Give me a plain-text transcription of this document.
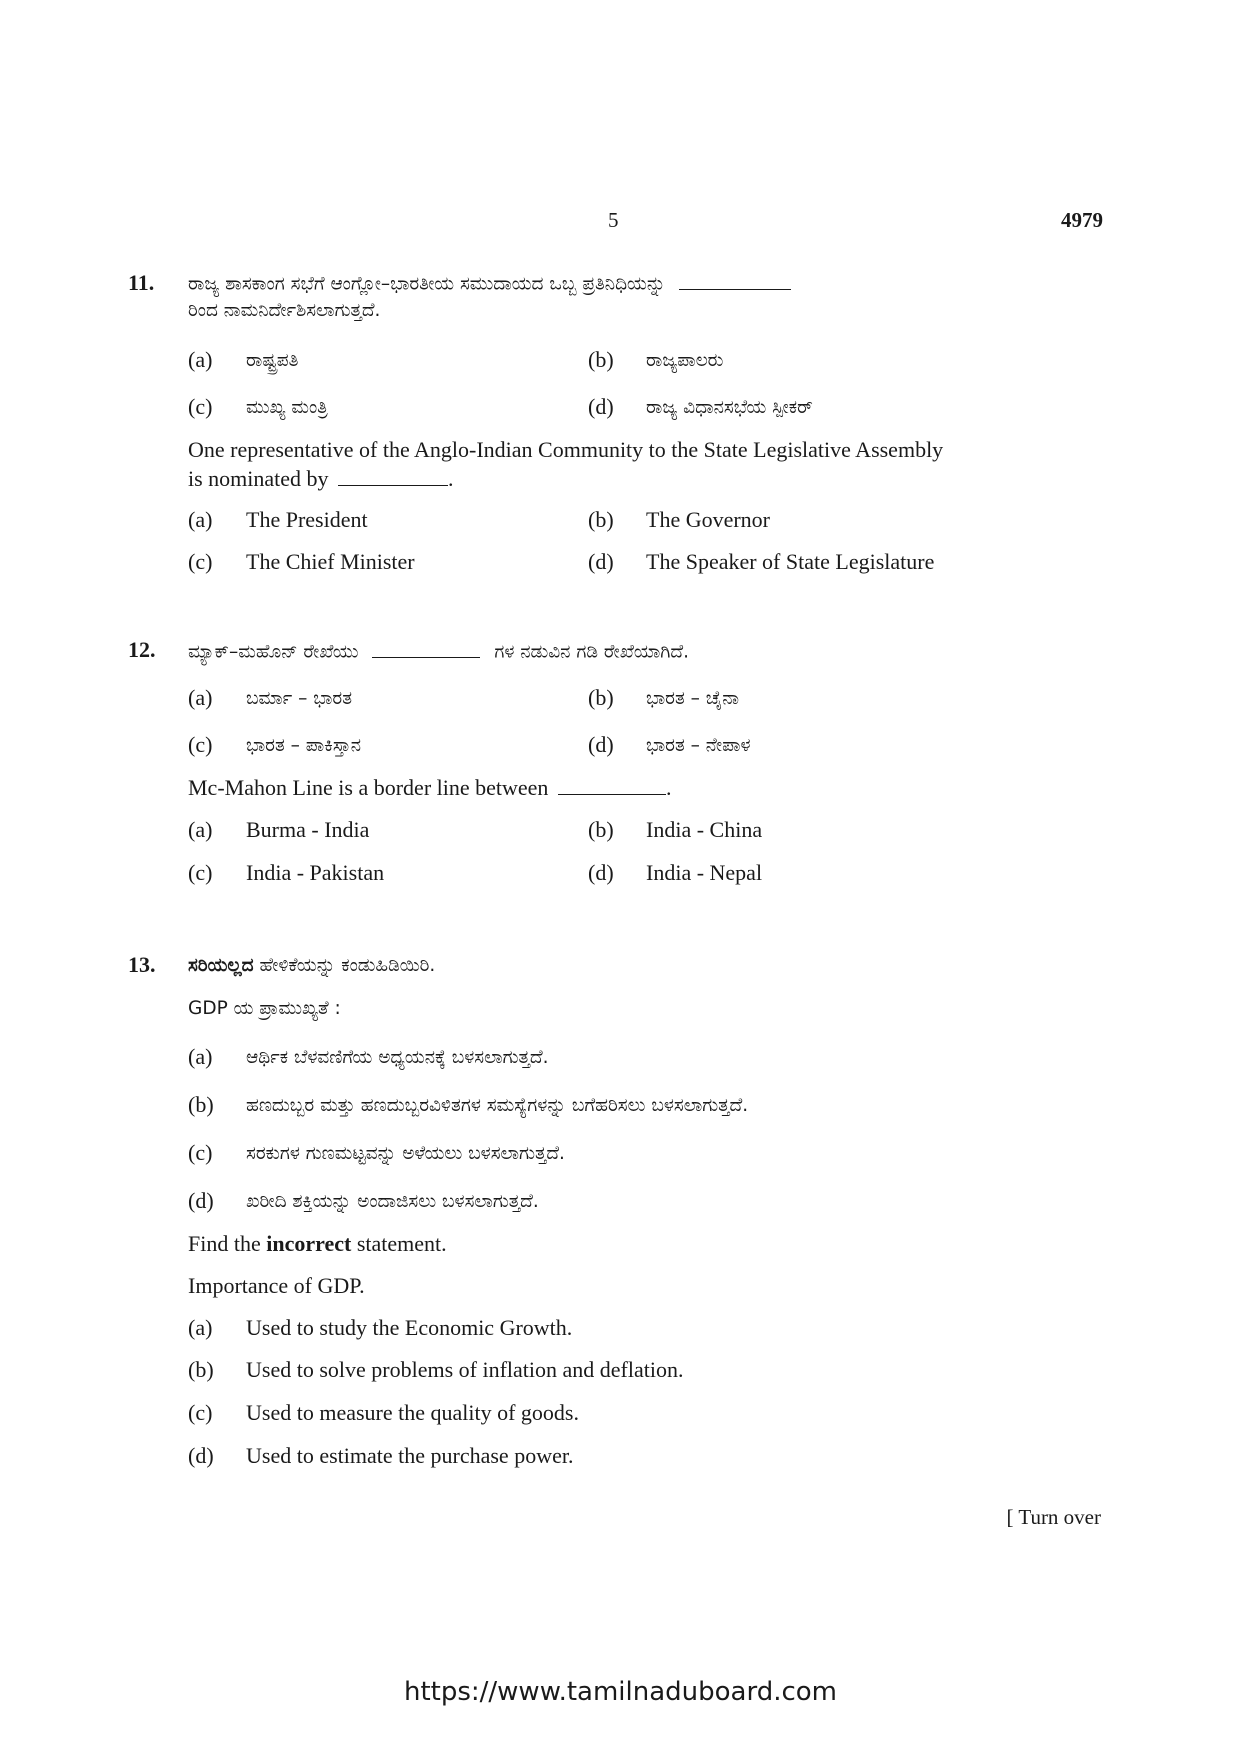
5	4979
11. ರಾಜ್ಯ ಶಾಸಕಾಂಗ ಸಭೆಗೆ ಆಂಗ್ಲೋ–ಭಾರತೀಯ ಸಮುದಾಯದ ಒಬ್ಬ ಪ್ರತಿನಿಧಿಯನ್ನು
ರಿಂದ ನಾಮನಿರ್ದೇಶಿಸಲಾಗುತ್ತದೆ.
(a) ರಾಷ್ಟ್ರಪತಿ	(b) ರಾಜ್ಯಪಾಲರು
(c) ಮುಖ್ಯ ಮಂತ್ರಿ	(d) ರಾಜ್ಯ ವಿಧಾನಸಭೆಯ ಸ್ಪೀಕರ್
One representative of the Anglo-Indian Community to the State Legislative Assembly
is nominated by	.
(a) The President	(b) The Governor
(c) The Chief Minister	(d) The Speaker of State Legislature
12. ಮ್ಯಾಕ್–ಮಹೊನ್ ರೇಖೆಯು	ಗಳ ನಡುವಿನ ಗಡಿ ರೇಖೆಯಾಗಿದೆ.
(a) ಬರ್ಮಾ – ಭಾರತ	(b) ಭಾರತ – ಚೈನಾ
(c) ಭಾರತ – ಪಾಕಿಸ್ತಾನ	(d) ಭಾರತ – ನೇಪಾಳ
Mc-Mahon Line is a border line between	.
(a) Burma - India	(b) India - China
(c) India - Pakistan	(d) India - Nepal
13. ಸರಿಯಲ್ಲದ ಹೇಳಿಕೆಯನ್ನು ಕಂಡುಹಿಡಿಯಿರಿ.
GDP ಯ ಪ್ರಾಮುಖ್ಯತೆ :
(a) ಆರ್ಥಿಕ ಬೆಳವಣಿಗೆಯ ಅಧ್ಯಯನಕ್ಕೆ ಬಳಸಲಾಗುತ್ತದೆ.
(b) ಹಣದುಬ್ಬರ ಮತ್ತು ಹಣದುಬ್ಬರವಿಳಿತಗಳ ಸಮಸ್ಯೆಗಳನ್ನು ಬಗೆಹರಿಸಲು ಬಳಸಲಾಗುತ್ತದೆ.
(c) ಸರಕುಗಳ ಗುಣಮಟ್ಟವನ್ನು ಅಳೆಯಲು ಬಳಸಲಾಗುತ್ತದೆ.
(d) ಖರೀದಿ ಶಕ್ತಿಯನ್ನು ಅಂದಾಜಿಸಲು ಬಳಸಲಾಗುತ್ತದೆ.
Find the incorrect statement.
Importance of GDP.
(a) Used to study the Economic Growth.
(b) Used to solve problems of inflation and deflation.
(c) Used to measure the quality of goods.
(d) Used to estimate the purchase power.
[ Turn over
https://www.tamilnaduboard.com
